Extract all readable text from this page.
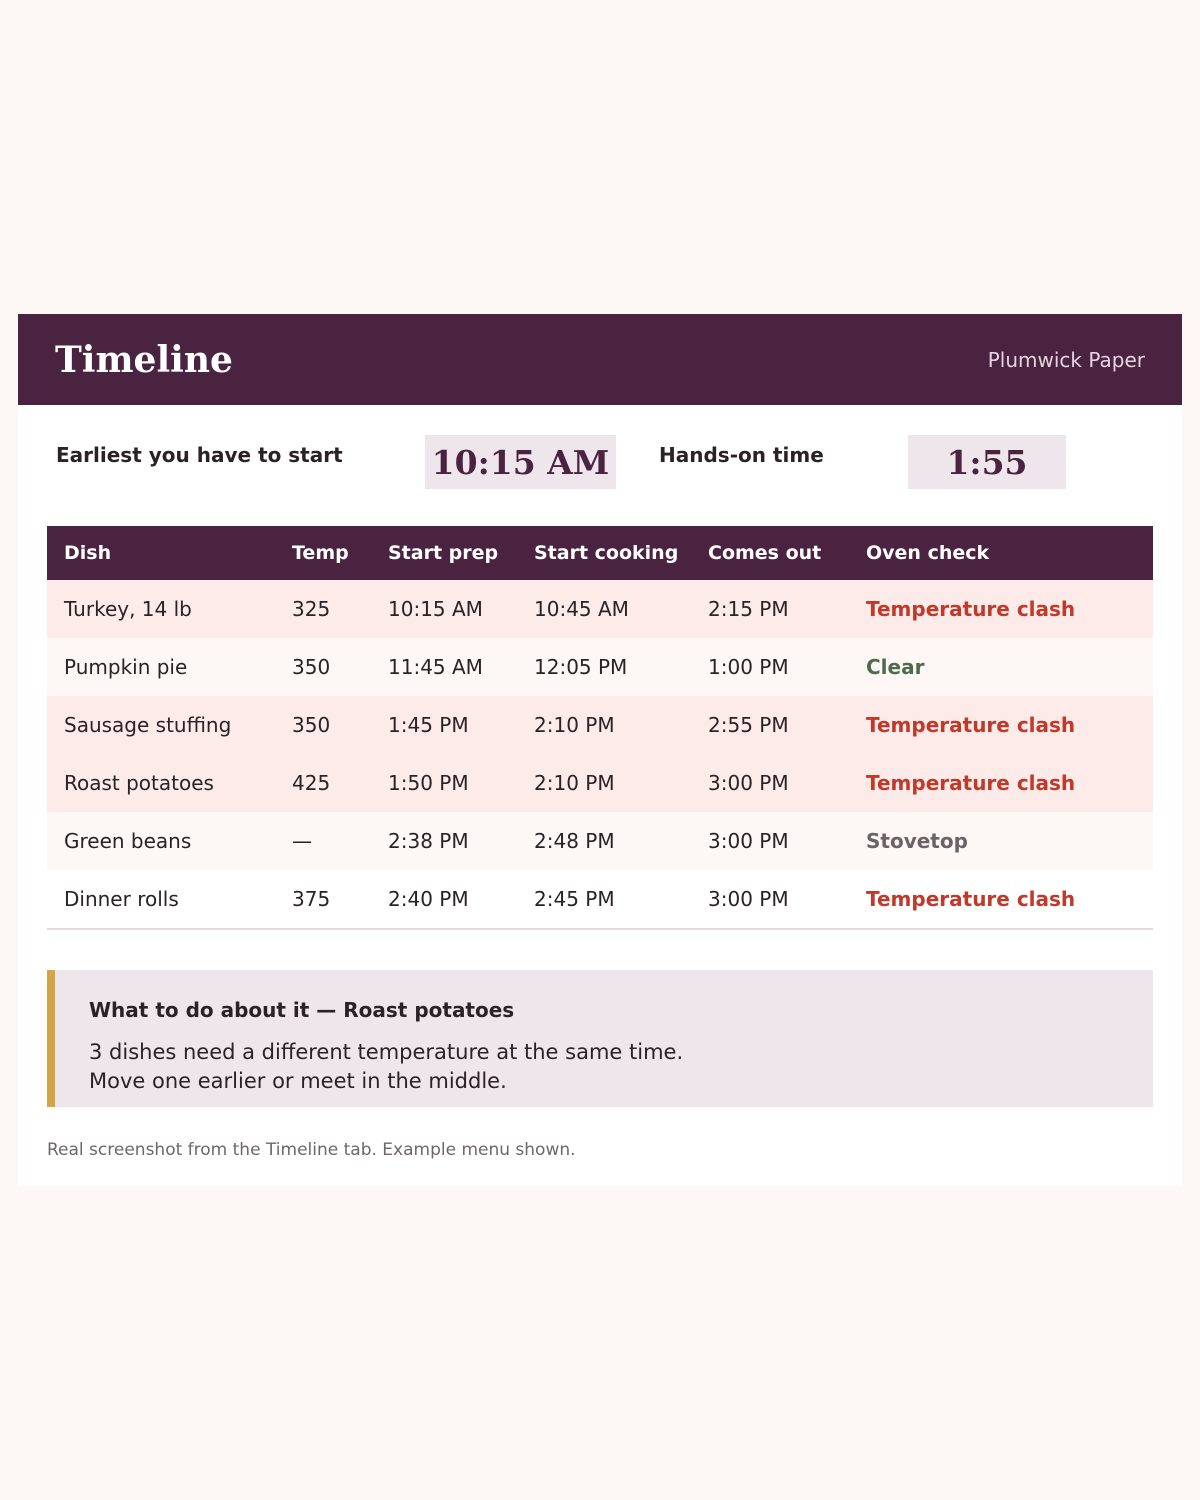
Timeline	Plumwick Paper
Earliest you have to start	10:15 AM	Hands-on time	1:55
Dish	Temp	Start prep	Start cooking	Comes out	Oven check
Turkey, 14 lb	325	10:15 AM	10:45 AM	2:15 PM	Temperature clash
Pumpkin pie	350	11:45 AM	12:05 PM	1:00 PM	Clear
Sausage stuffing	350	1:45 PM	2:10 PM	2:55 PM	Temperature clash
Roast potatoes	425	1:50 PM	2:10 PM	3:00 PM	Temperature clash
Green beans	—	2:38 PM	2:48 PM	3:00 PM	Stovetop
Dinner rolls	375	2:40 PM	2:45 PM	3:00 PM	Temperature clash
What to do about it — Roast potatoes
3 dishes need a different temperature at the same time.
Move one earlier or meet in the middle.
Real screenshot from the Timeline tab. Example menu shown.
